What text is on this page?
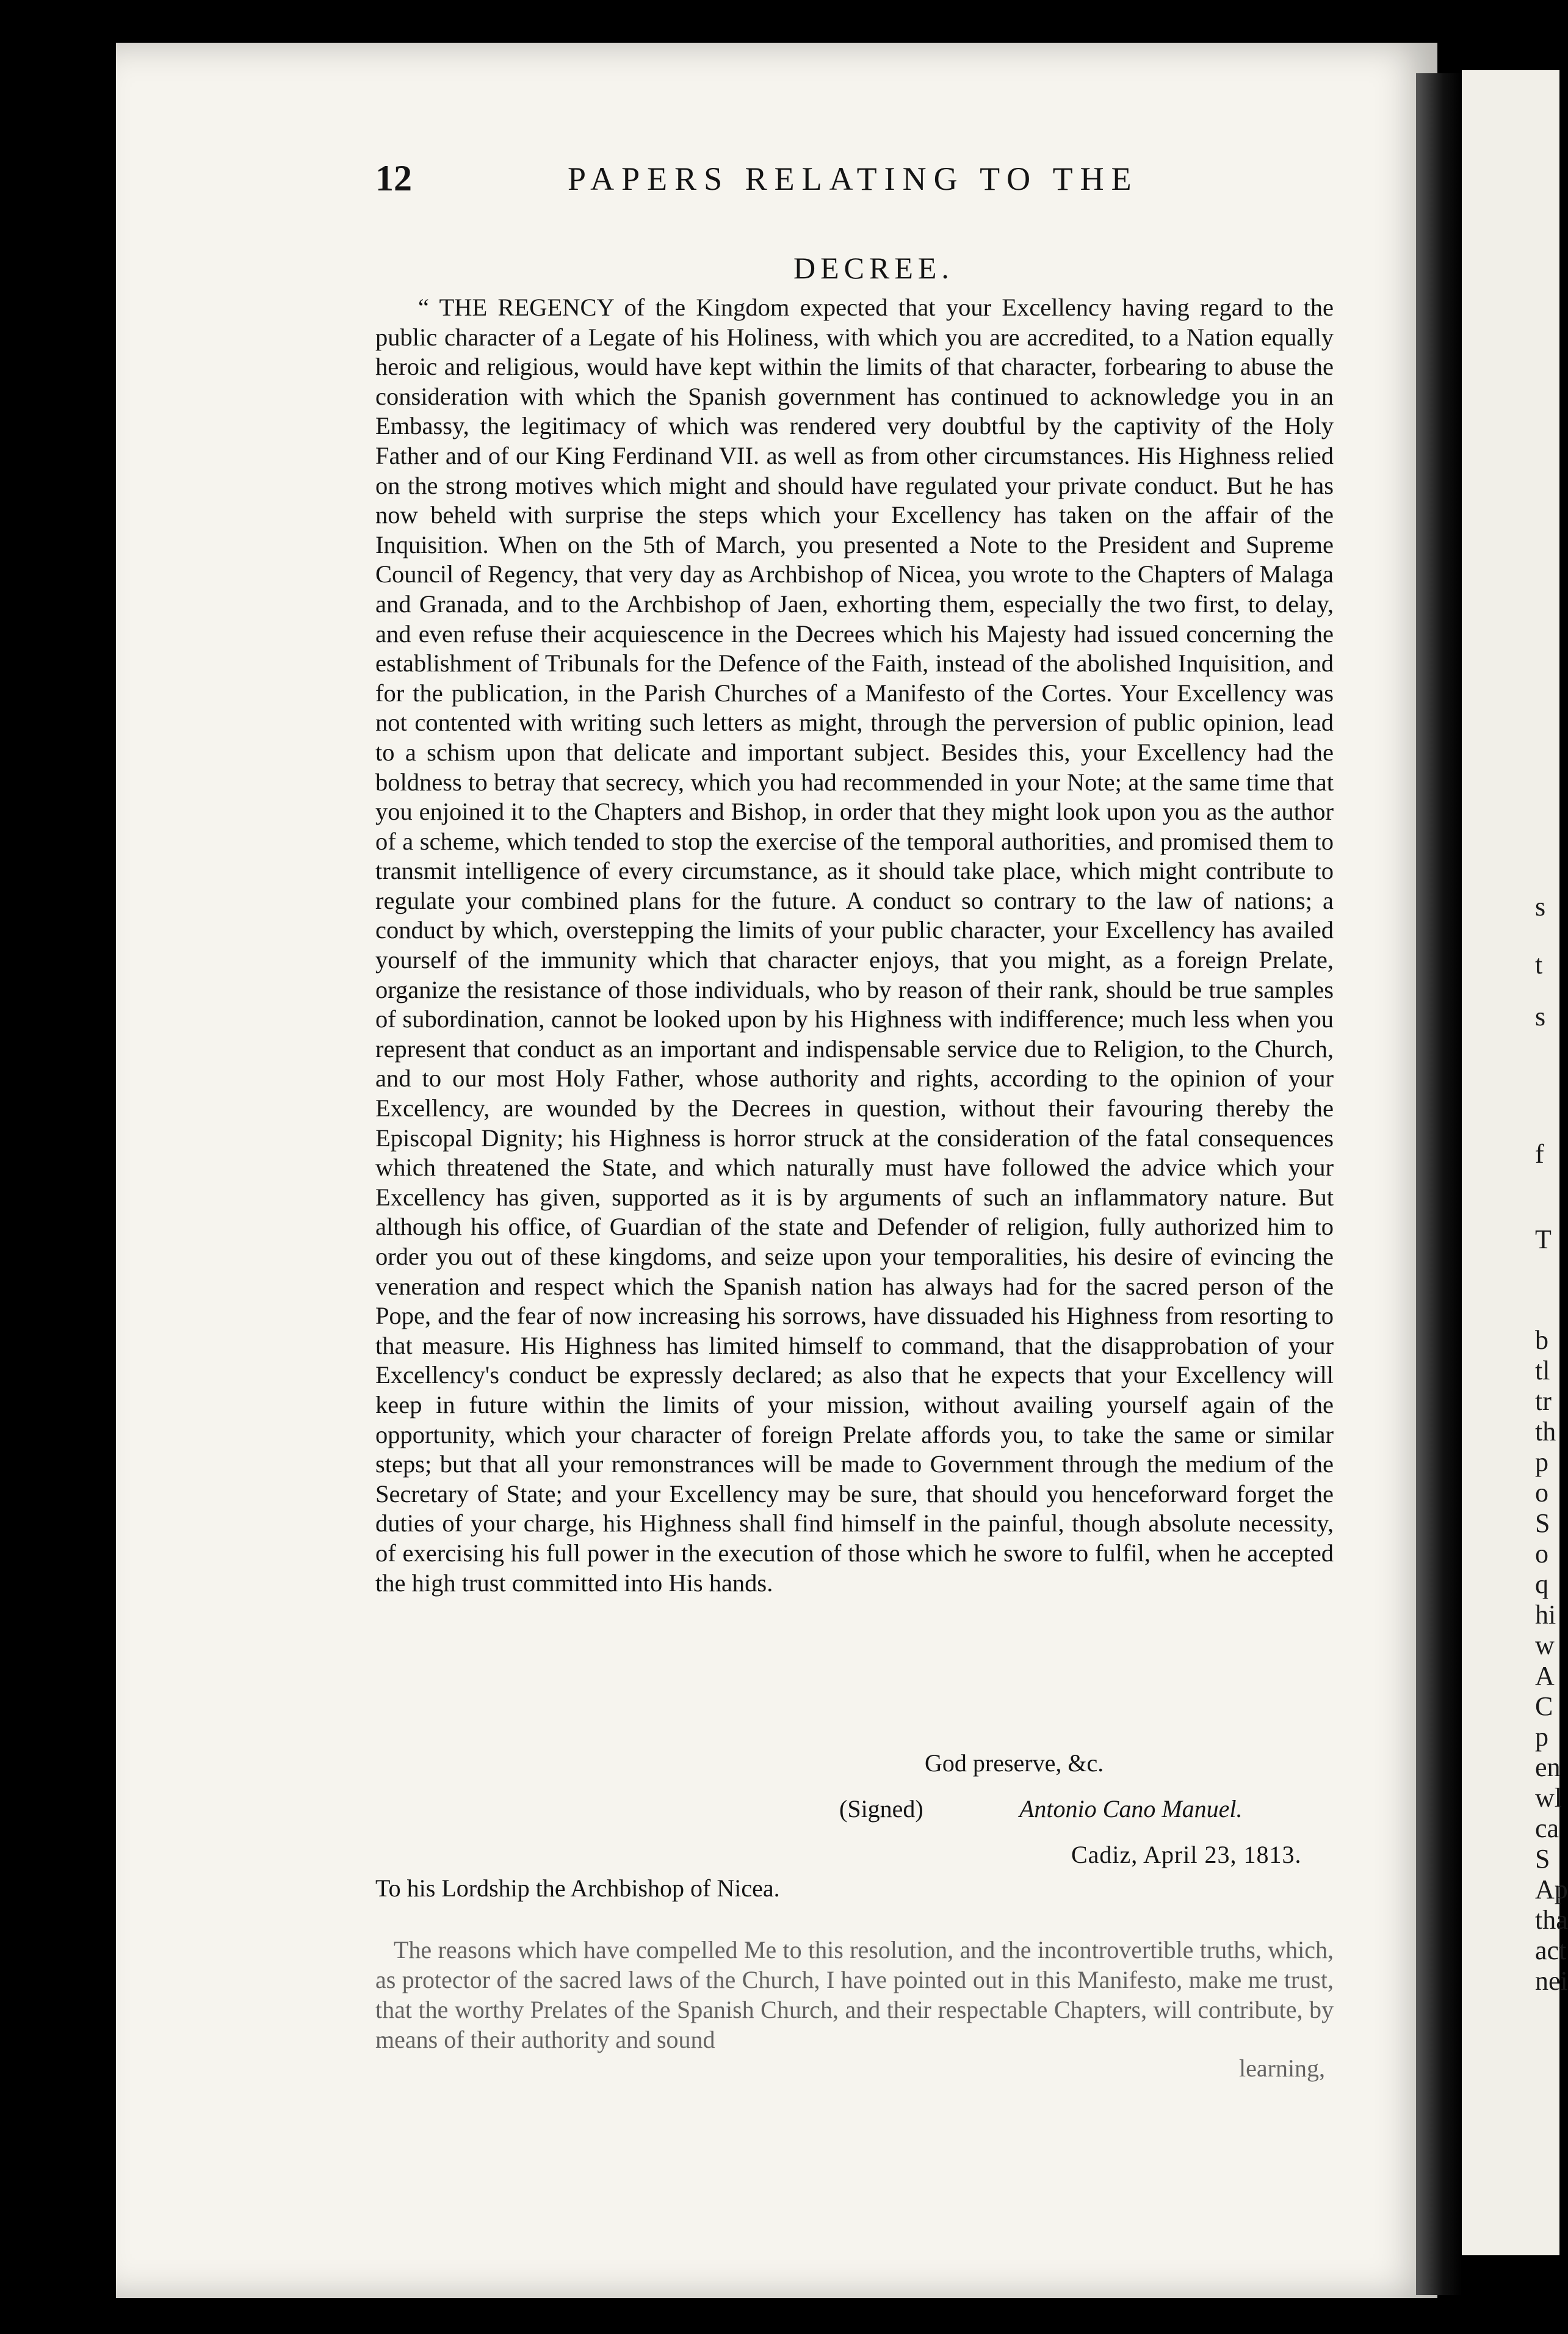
s
t
s
f
T
b
tl
tr
th
p
o
S
o
q
hi
w
A
C
p
en
wl
ca
S
Ap
tha
act
nei
12	PAPERS RELATING TO THE
DECREE.

“ THE REGENCY of the Kingdom expected that your Excellency having regard to the public character of a Legate of his Holiness, with which you are accredited, to a Nation equally heroic and religious, would have kept within the limits of that character, forbearing to abuse the consideration with which the Spanish government has continued to acknowledge you in an Embassy, the legitimacy of which was rendered very doubtful by the captivity of the Holy Father and of our King Ferdinand VII. as well as from other circumstances. His Highness relied on the strong motives which might and should have regulated your private conduct. But he has now beheld with surprise the steps which your Excellency has taken on the affair of the Inquisition. When on the 5th of March, you presented a Note to the President and Supreme Council of Regency, that very day as Archbishop of Nicea, you wrote to the Chapters of Malaga and Granada, and to the Archbishop of Jaen, exhorting them, especially the two first, to delay, and even refuse their acquiescence in the Decrees which his Majesty had issued concerning the establishment of Tribunals for the Defence of the Faith, instead of the abolished Inquisition, and for the publication, in the Parish Churches of a Manifesto of the Cortes. Your Excellency was not contented with writing such letters as might, through the perversion of public opinion, lead to a schism upon that delicate and important subject. Besides this, your Excellency had the boldness to betray that secrecy, which you had recommended in your Note; at the same time that you enjoined it to the Chapters and Bishop, in order that they might look upon you as the author of a scheme, which tended to stop the exercise of the temporal authorities, and promised them to transmit intelligence of every circumstance, as it should take place, which might contribute to regulate your combined plans for the future. A conduct so contrary to the law of nations; a conduct by which, overstepping the limits of your public character, your Excellency has availed yourself of the immunity which that character enjoys, that you might, as a foreign Prelate, organize the resistance of those individuals, who by reason of their rank, should be true samples of subordination, cannot be looked upon by his Highness with indifference; much less when you represent that conduct as an important and indispensable service due to Religion, to the Church, and to our most Holy Father, whose authority and rights, according to the opinion of your Excellency, are wounded by the Decrees in question, without their favouring thereby the Episcopal Dignity; his Highness is horror struck at the consideration of the fatal consequences which threatened the State, and which naturally must have followed the advice which your Excellency has given, supported as it is by arguments of such an inflammatory nature. But although his office, of Guardian of the state and Defender of religion, fully authorized him to order you out of these kingdoms, and seize upon your temporalities, his desire of evincing the veneration and respect which the Spanish nation has always had for the sacred person of the Pope, and the fear of now increasing his sorrows, have dissuaded his Highness from resorting to that measure. His Highness has limited himself to command, that the disapprobation of your Excellency's conduct be expressly declared; as also that he expects that your Excellency will keep in future within the limits of your mission, without availing yourself again of the opportunity, which your character of foreign Prelate affords you, to take the same or similar steps; but that all your remonstrances will be made to Government through the medium of the Secretary of State; and your Excellency may be sure, that should you henceforward forget the duties of your charge, his Highness shall find himself in the painful, though absolute necessity, of exercising his full power in the execution of those which he swore to fulfil, when he accepted the high trust committed into His hands.

God preserve, &c.
(Signed)	Antonio Cano Manuel.
Cadiz, April 23, 1813.
To his Lordship the Archbishop of Nicea.

The reasons which have compelled Me to this resolution, and the incontrovertible truths, which, as protector of the sacred laws of the Church, I have pointed out in this Manifesto, make me trust, that the worthy Prelates of the Spanish Church, and their respectable Chapters, will contribute, by means of their authority and sound

learning,
